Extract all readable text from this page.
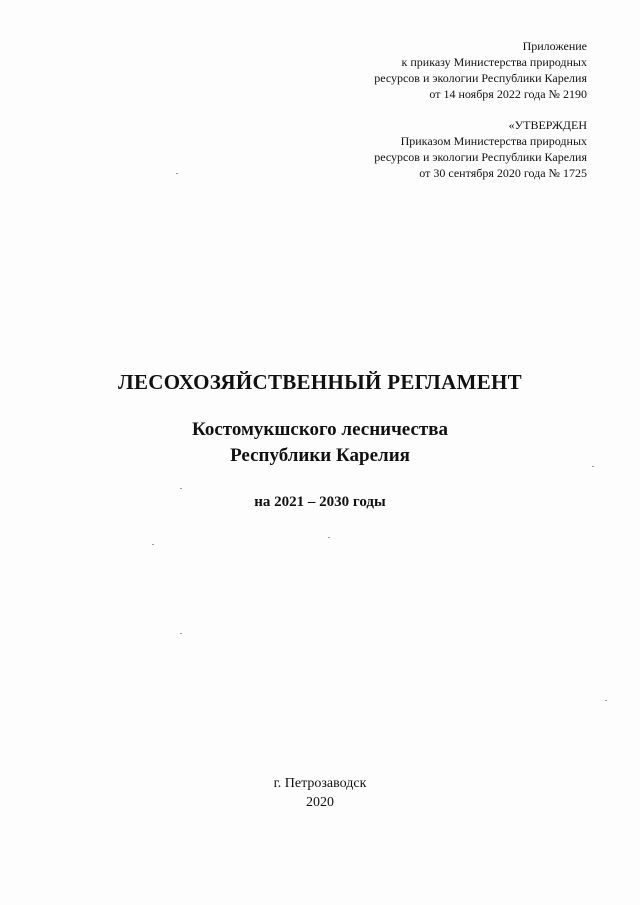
Приложение
к приказу Министерства природных
ресурсов и экологии Республики Карелия
от 14 ноября 2022 года № 2190
«УТВЕРЖДЕН
Приказом Министерства природных
ресурсов и экологии Республики Карелия
от 30 сентября 2020 года № 1725
ЛЕСОХОЗЯЙСТВЕННЫЙ РЕГЛАМЕНТ
Костомукшского лесничества
Республики Карелия
на 2021 – 2030 годы
г. Петрозаводск
2020
